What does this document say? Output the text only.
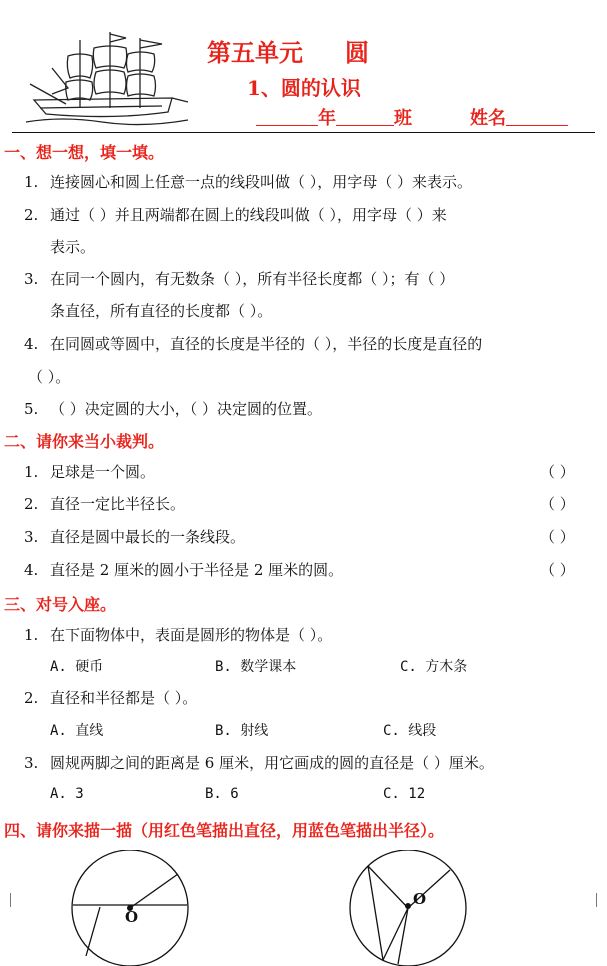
第五单元 圆
1、圆的认识
年	班	姓名
一、想一想，填一填。
1. 连接圆心和圆上任意一点的线段叫做（ ），用字母（ ）来表示。
2. 通过（ ）并且两端都在圆上的线段叫做（ ），用字母（ ）来
表示。
3. 在同一个圆内，有无数条（ ），所有半径长度都（ ）；有（ ）
条直径，所有直径的长度都（ ）。
4. 在同圆或等圆中，直径的长度是半径的（ ），半径的长度是直径的
（ ）。
5. （ ）决定圆的大小，（ ）决定圆的位置。
二、请你来当小裁判。
1. 足球是一个圆。	（ ）
2. 直径一定比半径长。	（ ）
3. 直径是圆中最长的一条线段。	（ ）
4. 直径是 2 厘米的圆小于半径是 2 厘米的圆。	（ ）
三、对号入座。
1. 在下面物体中，表面是圆形的物体是（ ）。
A. 硬币	B. 数学课本	C. 方木条
2. 直径和半径都是（ ）。
A. 直线	B. 射线	C. 线段
3. 圆规两脚之间的距离是 6 厘米，用它画成的圆的直径是（ ）厘米。
A. 3	B. 6	C. 12
四、请你来描一描（用红色笔描出直径，用蓝色笔描出半径）。
O
O
